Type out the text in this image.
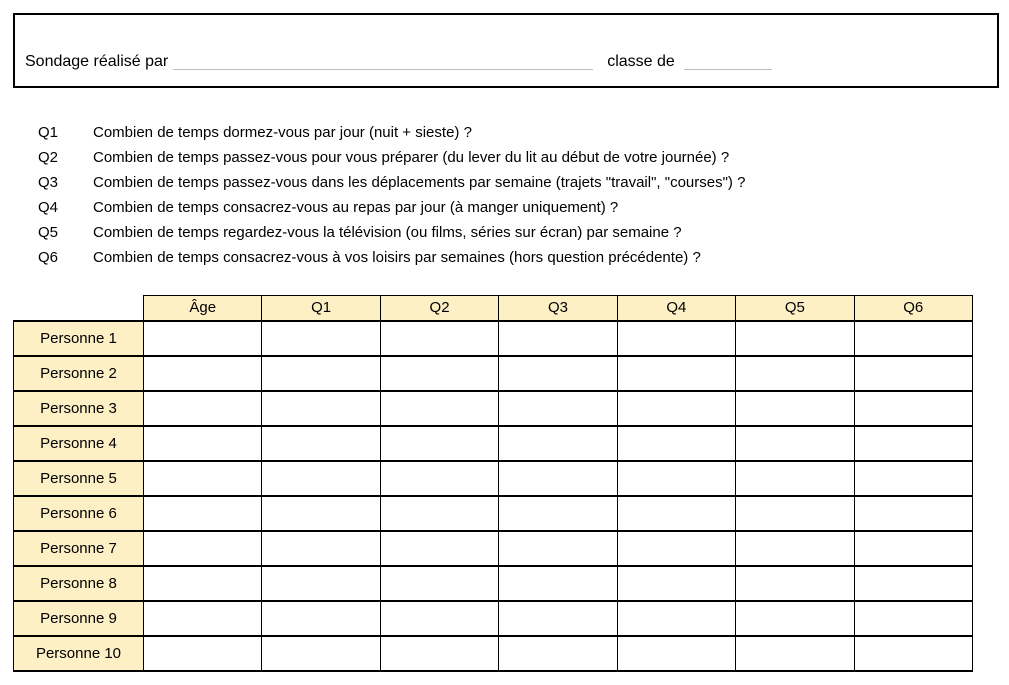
Sondage réalisé par	classe de
Q1	Combien de temps dormez-vous par jour (nuit + sieste) ?
Q2	Combien de temps passez-vous pour vous préparer (du lever du lit au début de votre journée) ?
Q3	Combien de temps passez-vous dans les déplacements par semaine (trajets "travail", "courses") ?
Q4	Combien de temps consacrez-vous au repas par jour (à manger uniquement) ?
Q5	Combien de temps regardez-vous la télévision (ou films, séries sur écran) par semaine ?
Q6	Combien de temps consacrez-vous à vos loisirs par semaines (hors question précédente) ?
	Âge	Q1	Q2	Q3	Q4	Q5	Q6
Personne 1							
Personne 2							
Personne 3							
Personne 4							
Personne 5							
Personne 6							
Personne 7							
Personne 8							
Personne 9							
Personne 10							
